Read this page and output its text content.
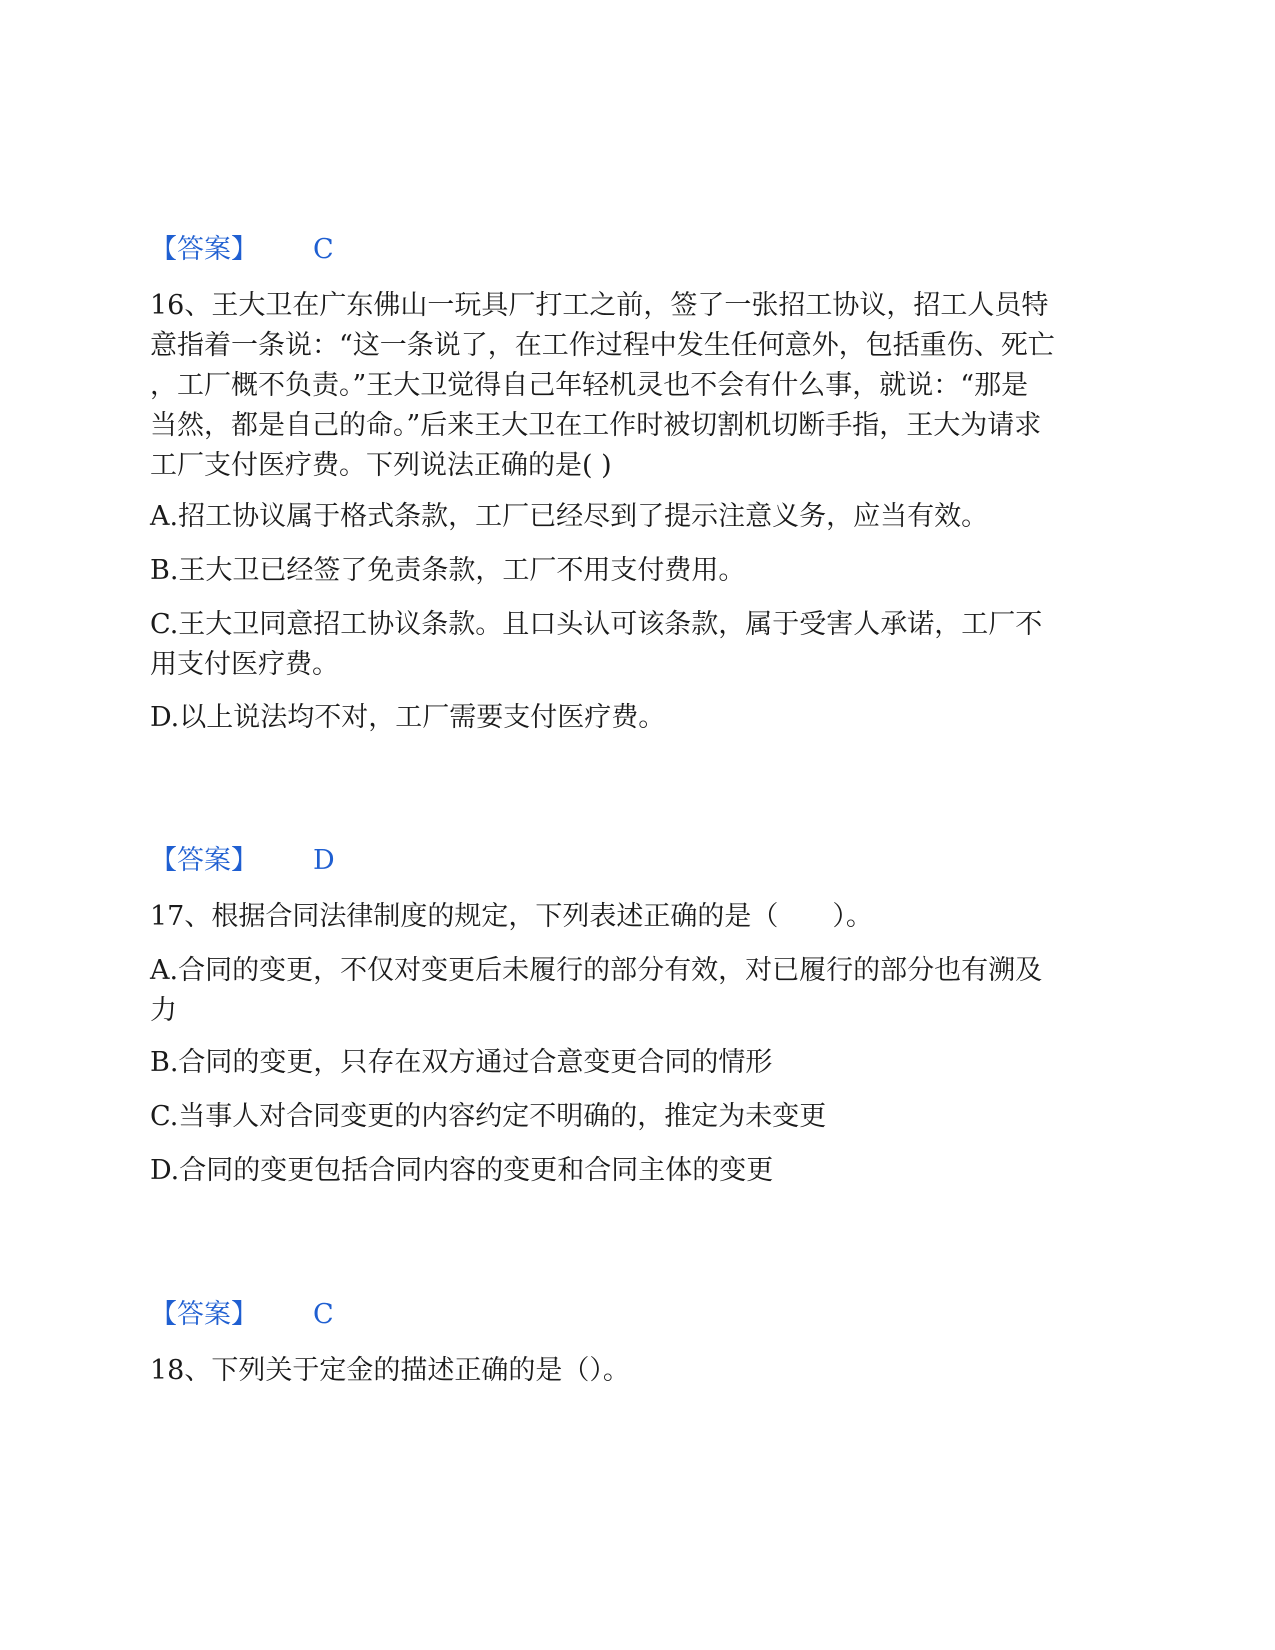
【答案】 C
16、王大卫在广东佛山一玩具厂打工之前，签了一张招工协议，招工人员特
意指着一条说：“这一条说了，在工作过程中发生任何意外，包括重伤、死亡
，工厂概不负责。”王大卫觉得自己年轻机灵也不会有什么事，就说：“那是
当然，都是自己的命。”后来王大卫在工作时被切割机切断手指，王大为请求
工厂支付医疗费。下列说法正确的是( )
A.招工协议属于格式条款，工厂已经尽到了提示注意义务，应当有效。
B.王大卫已经签了免责条款，工厂不用支付费用。
C.王大卫同意招工协议条款。且口头认可该条款，属于受害人承诺，工厂不
用支付医疗费。
D.以上说法均不对，工厂需要支付医疗费。
【答案】 D
17、根据合同法律制度的规定，下列表述正确的是（　　）。
A.合同的变更，不仅对变更后未履行的部分有效，对已履行的部分也有溯及
力
B.合同的变更，只存在双方通过合意变更合同的情形
C.当事人对合同变更的内容约定不明确的，推定为未变更
D.合同的变更包括合同内容的变更和合同主体的变更
【答案】 C
18、下列关于定金的描述正确的是（）。
